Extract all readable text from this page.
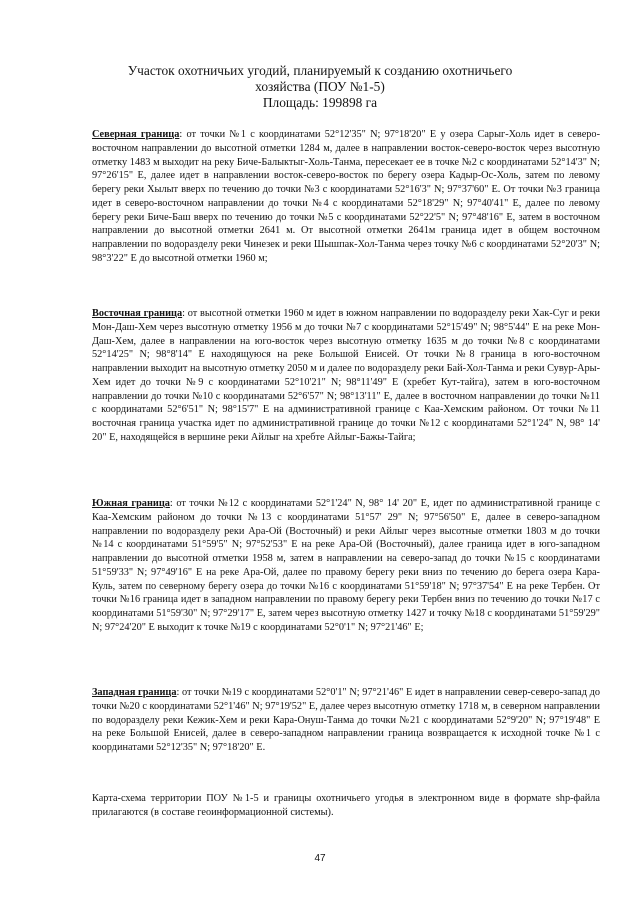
Участок охотничьих угодий, планируемый к созданию охотничьего
хозяйства (ПОУ №1-5)
Площадь: 199898 га

Северная граница: от точки №1 с координатами 52°12'35" N; 97°18'20" Е у озера Сарыг-Холь идет в северо-восточном направлении до высотной отметки 1284 м, далее в направлении восток-северо-восток через высотную отметку 1483 м выходит на реку Биче-Балыктыг-Холь-Танма, пересекает ее в точке №2 с координатами 52°14'3" N; 97°26'15" E, далее идет в направлении восток-северо-восток по берегу озера Кадыр-Ос-Холь, затем по левому берегу реки Хылыт вверх по течению до точки №3 с координатами 52°16'3" N; 97°37'60" E. От точки №3 граница идет в северо-восточном направлении до точки №4 с координатами 52°18'29" N; 97°40'41" E, далее по левому берегу реки Биче-Баш вверх по течению до точки №5 с координатами 52°22'5" N; 97°48'16" E, затем в восточном направлении до высотной отметки 2641 м. От высотной отметки 2641м граница идет в общем восточном направлении по водоразделу реки Чинезек и реки Шышпак-Хол-Танма через точку №6 с координатами 52°20'3" N; 98°3'22" E до высотной отметки 1960 м;

Восточная граница: от высотной отметки 1960 м идет в южном направлении по водоразделу реки Хак-Суг и реки Мон-Даш-Хем через высотную отметку 1956 м до точки №7 с координатами 52°15'49" N; 98°5'44" E на реке Мон-Даш-Хем, далее в направлении на юго-восток через высотную отметку 1635 м до точки №8 с координатами 52°14'25" N; 98°8'14" E находящуюся на реке Большой Енисей. От точки №8 граница в юго-восточном направлении выходит на высотную отметку 2050 м и далее по водоразделу реки Бай-Хол-Танма и реки Сувур-Ары-Хем идет до точки №9 с координатами 52°10'21" N; 98°11'49" E (хребет Кут-тайга), затем в юго-восточном направлении до точки №10 с координатами 52°6'57" N; 98°13'11" E, далее в восточном направлении до точки №11 с координатами 52°6'51" N; 98°15'7" E на административной границе с Каа-Хемским районом. От точки №11 восточная граница участка идет по административной границе до точки №12 с координатами 52°1'24" N, 98° 14' 20" E, находящейся в вершине реки Айлыг на хребте Айлыг-Бажы-Тайга;

Южная граница: от точки №12 с координатами 52°1'24" N, 98° 14' 20" E, идет по административной границе с Каа-Хемским районом до точки №13 с координатами 51°57' 29" N; 97°56'50" E, далее в северо-западном направлении по водоразделу реки Ара-Ой (Восточный) и реки Айлыг через высотные отметки 1803 м до точки №14 с координатами 51°59'5" N; 97°52'53" E на реке Ара-Ой (Восточный), далее граница идет в юго-западном направлении до высотной отметки 1958 м, затем в направлении на северо-запад до точки №15 с координатами 51°59'33" N; 97°49'16" E на реке Ара-Ой, далее по правому берегу реки вниз по течению до берега озера Кара-Куль, затем по северному берегу озера до точки №16 с координатами 51°59'18" N; 97°37'54" E на реке Тербен. От точки №16 граница идет в западном направлении по правому берегу реки Тербен вниз по течению до точки №17 с координатами 51°59'30" N; 97°29'17" E, затем через высотную отметку 1427 и точку №18 с координатами 51°59'29" N; 97°24'20" E выходит к точке №19 с координатами 52°0'1" N; 97°21'46" E;

Западная граница: от точки №19 с координатами 52°0'1" N; 97°21'46" E идет в направлении север-северо-запад до точки №20 с координатами 52°1'46" N; 97°19'52" E, далее через высотную отметку 1718 м, в северном направлении по водоразделу реки Кежик-Хем и реки Кара-Онуш-Танма до точки №21 с координатами 52°9'20" N; 97°19'48" E на реке Большой Енисей, далее в северо-западном направлении граница возвращается к исходной точке №1 с координатами 52°12'35" N; 97°18'20" E.

Карта-схема территории ПОУ №1-5 и границы охотничьего угодья в электронном виде в формате shp-файла прилагаются (в составе геоинформационной системы).

47
